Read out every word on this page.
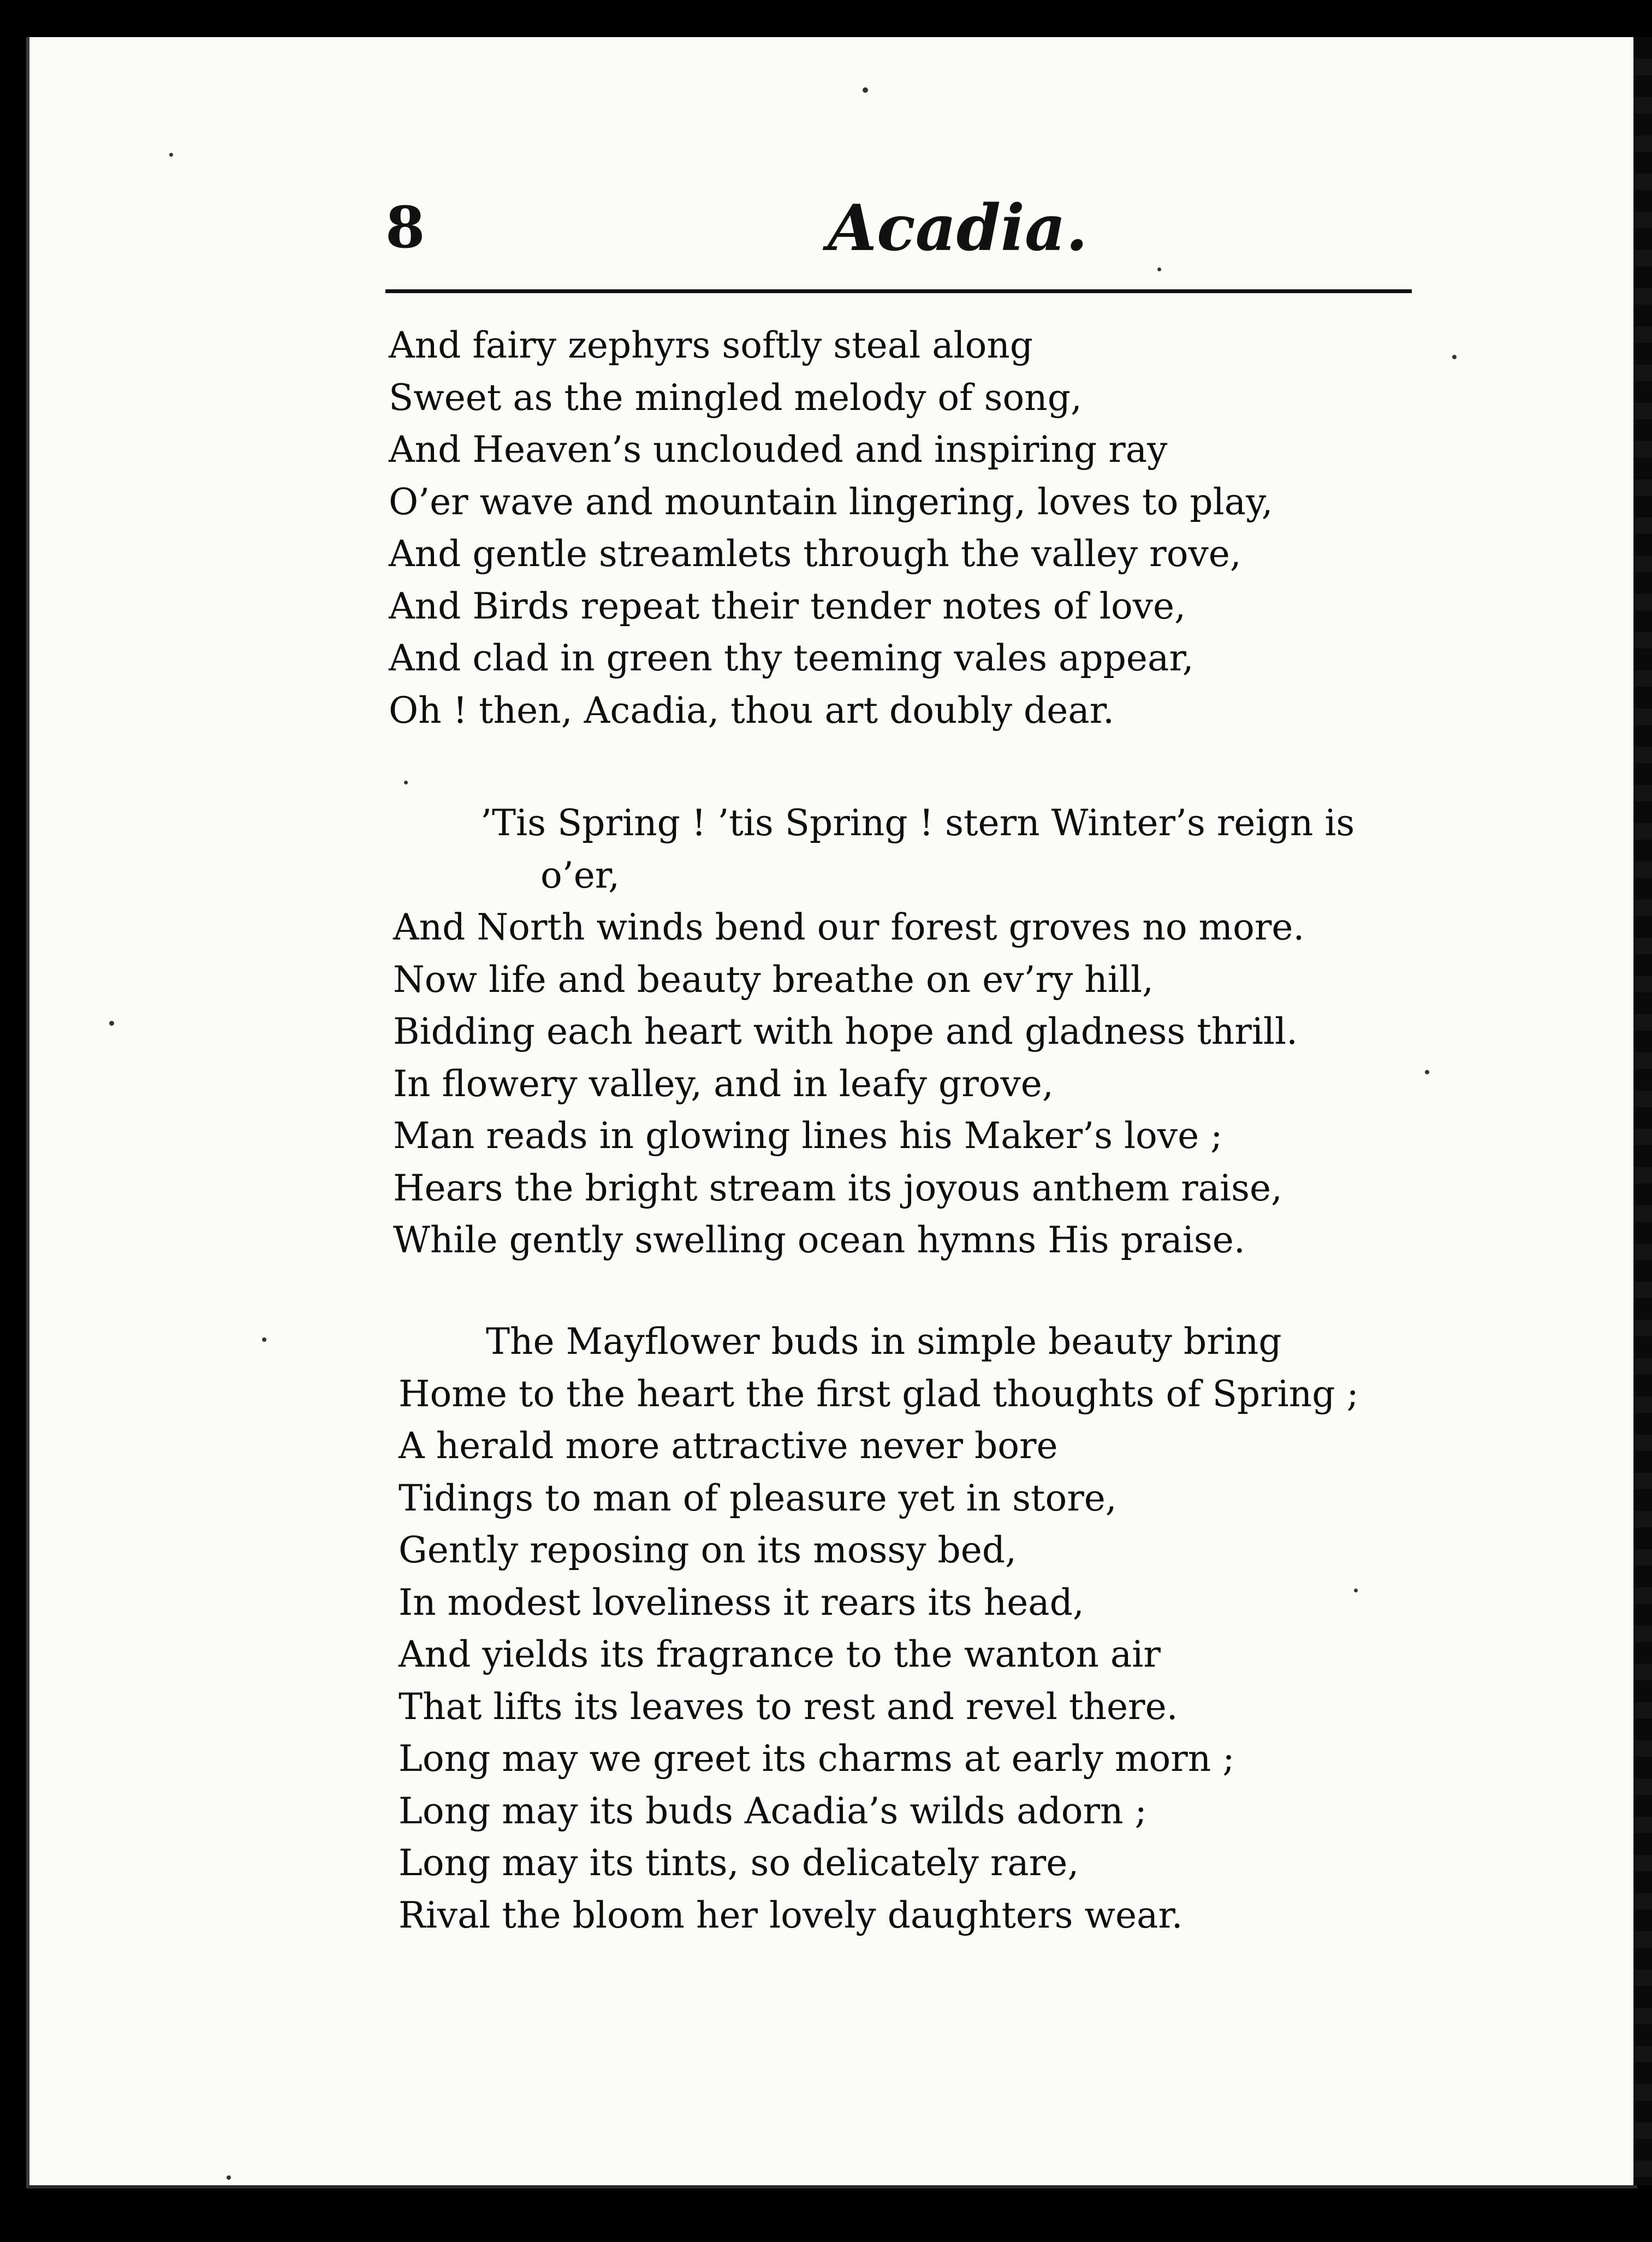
8	Acadia.
And fairy zephyrs softly steal along
Sweet as the mingled melody of song,
And Heaven’s unclouded and inspiring ray
O’er wave and mountain lingering, loves to play,
And gentle streamlets through the valley rove,
And Birds repeat their tender notes of love,
And clad in green thy teeming vales appear,
Oh ! then, Acadia, thou art doubly dear.
’Tis Spring ! ’tis Spring ! stern Winter’s reign is
o’er,
And North winds bend our forest groves no more.
Now life and beauty breathe on ev’ry hill,
Bidding each heart with hope and gladness thrill.
In flowery valley, and in leafy grove,
Man reads in glowing lines his Maker’s love ;
Hears the bright stream its joyous anthem raise,
While gently swelling ocean hymns His praise.
The Mayflower buds in simple beauty bring
Home to the heart the first glad thoughts of Spring ;
A herald more attractive never bore
Tidings to man of pleasure yet in store,
Gently reposing on its mossy bed,
In modest loveliness it rears its head,
And yields its fragrance to the wanton air
That lifts its leaves to rest and revel there.
Long may we greet its charms at early morn ;
Long may its buds Acadia’s wilds adorn ;
Long may its tints, so delicately rare,
Rival the bloom her lovely daughters wear.
